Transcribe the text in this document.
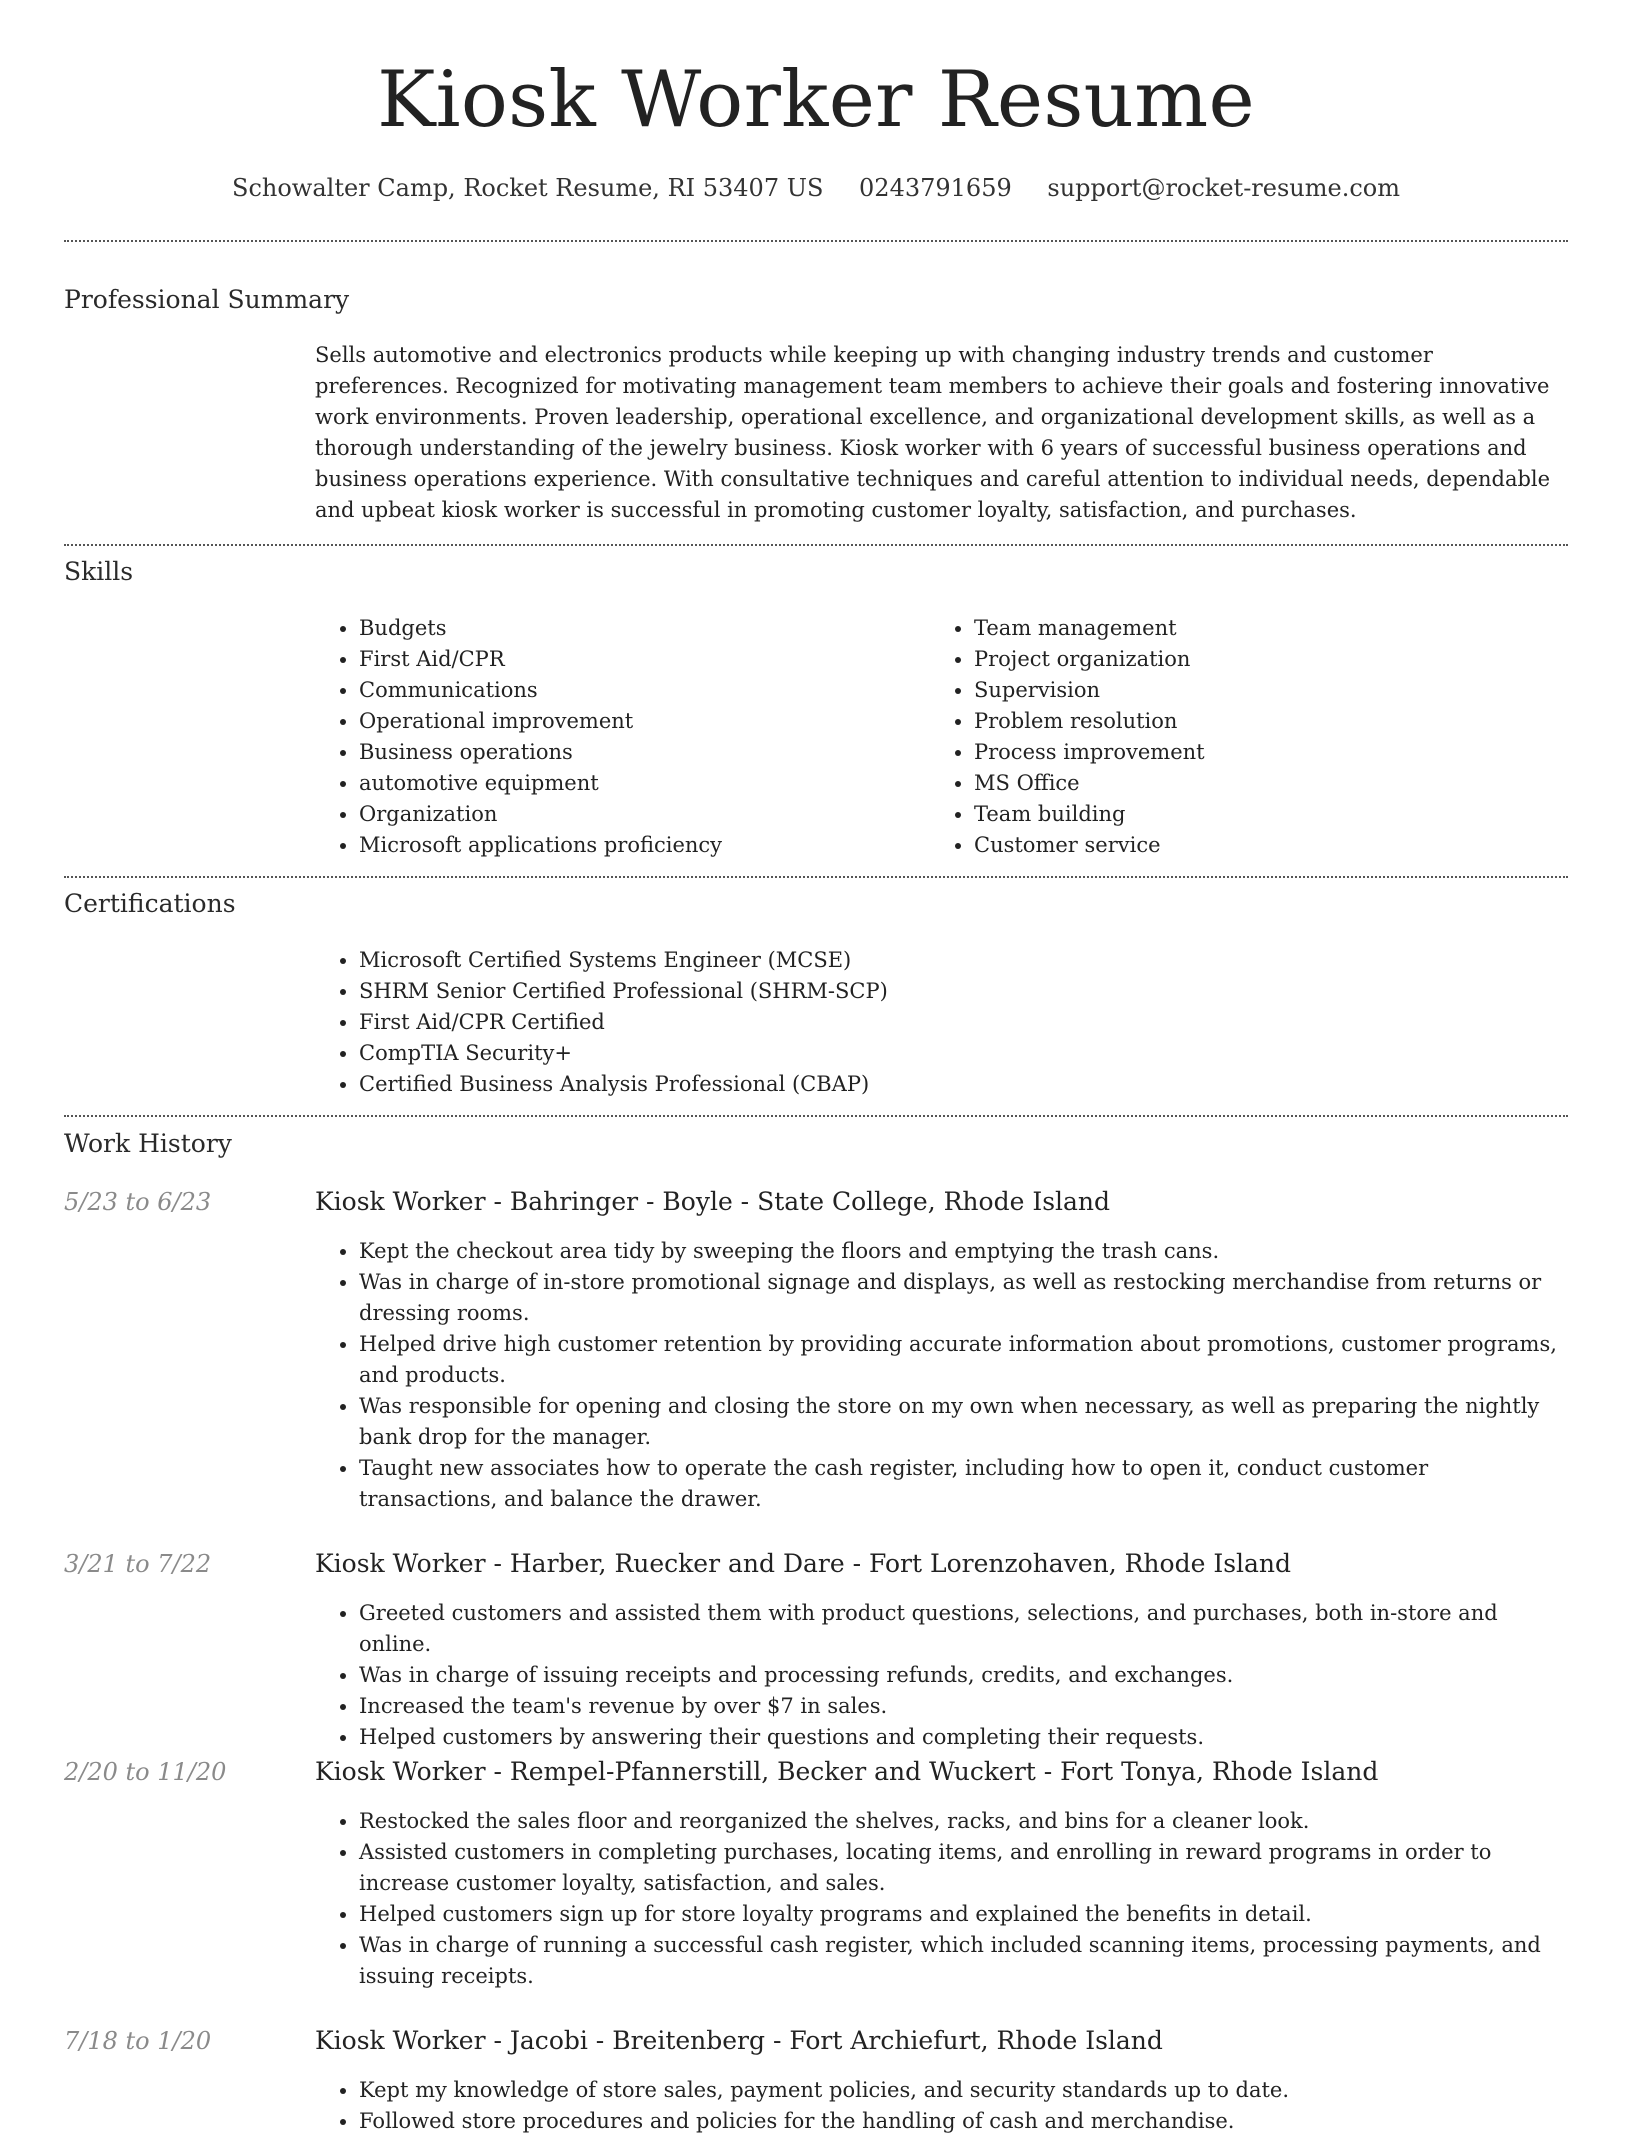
Kiosk Worker Resume
Schowalter Camp, Rocket Resume, RI 53407 US 0243791659 support@rocket-resume.com
Professional Summary
Sells automotive and electronics products while keeping up with changing industry trends and customer preferences. Recognized for motivating management team members to achieve their goals and fostering innovative work environments. Proven leadership, operational excellence, and organizational development skills, as well as a thorough understanding of the jewelry business. Kiosk worker with 6 years of successful business operations and business operations experience. With consultative techniques and careful attention to individual needs, dependable and upbeat kiosk worker is successful in promoting customer loyalty, satisfaction, and purchases.
Skills
• Budgets
• First Aid/CPR
• Communications
• Operational improvement
• Business operations
• automotive equipment
• Organization
• Microsoft applications proficiency
• Team management
• Project organization
• Supervision
• Problem resolution
• Process improvement
• MS Office
• Team building
• Customer service
Certifications
• Microsoft Certified Systems Engineer (MCSE)
• SHRM Senior Certified Professional (SHRM-SCP)
• First Aid/CPR Certified
• CompTIA Security+
• Certified Business Analysis Professional (CBAP)
Work History
5/23 to 6/23	Kiosk Worker - Bahringer - Boyle - State College, Rhode Island
• Kept the checkout area tidy by sweeping the floors and emptying the trash cans.
• Was in charge of in-store promotional signage and displays, as well as restocking merchandise from returns or dressing rooms.
• Helped drive high customer retention by providing accurate information about promotions, customer programs, and products.
• Was responsible for opening and closing the store on my own when necessary, as well as preparing the nightly bank drop for the manager.
• Taught new associates how to operate the cash register, including how to open it, conduct customer transactions, and balance the drawer.
3/21 to 7/22	Kiosk Worker - Harber, Ruecker and Dare - Fort Lorenzohaven, Rhode Island
• Greeted customers and assisted them with product questions, selections, and purchases, both in-store and online.
• Was in charge of issuing receipts and processing refunds, credits, and exchanges.
• Increased the team's revenue by over $7 in sales.
• Helped customers by answering their questions and completing their requests.
2/20 to 11/20	Kiosk Worker - Rempel-Pfannerstill, Becker and Wuckert - Fort Tonya, Rhode Island
• Restocked the sales floor and reorganized the shelves, racks, and bins for a cleaner look.
• Assisted customers in completing purchases, locating items, and enrolling in reward programs in order to increase customer loyalty, satisfaction, and sales.
• Helped customers sign up for store loyalty programs and explained the benefits in detail.
• Was in charge of running a successful cash register, which included scanning items, processing payments, and issuing receipts.
7/18 to 1/20	Kiosk Worker - Jacobi - Breitenberg - Fort Archiefurt, Rhode Island
• Kept my knowledge of store sales, payment policies, and security standards up to date.
• Followed store procedures and policies for the handling of cash and merchandise.
